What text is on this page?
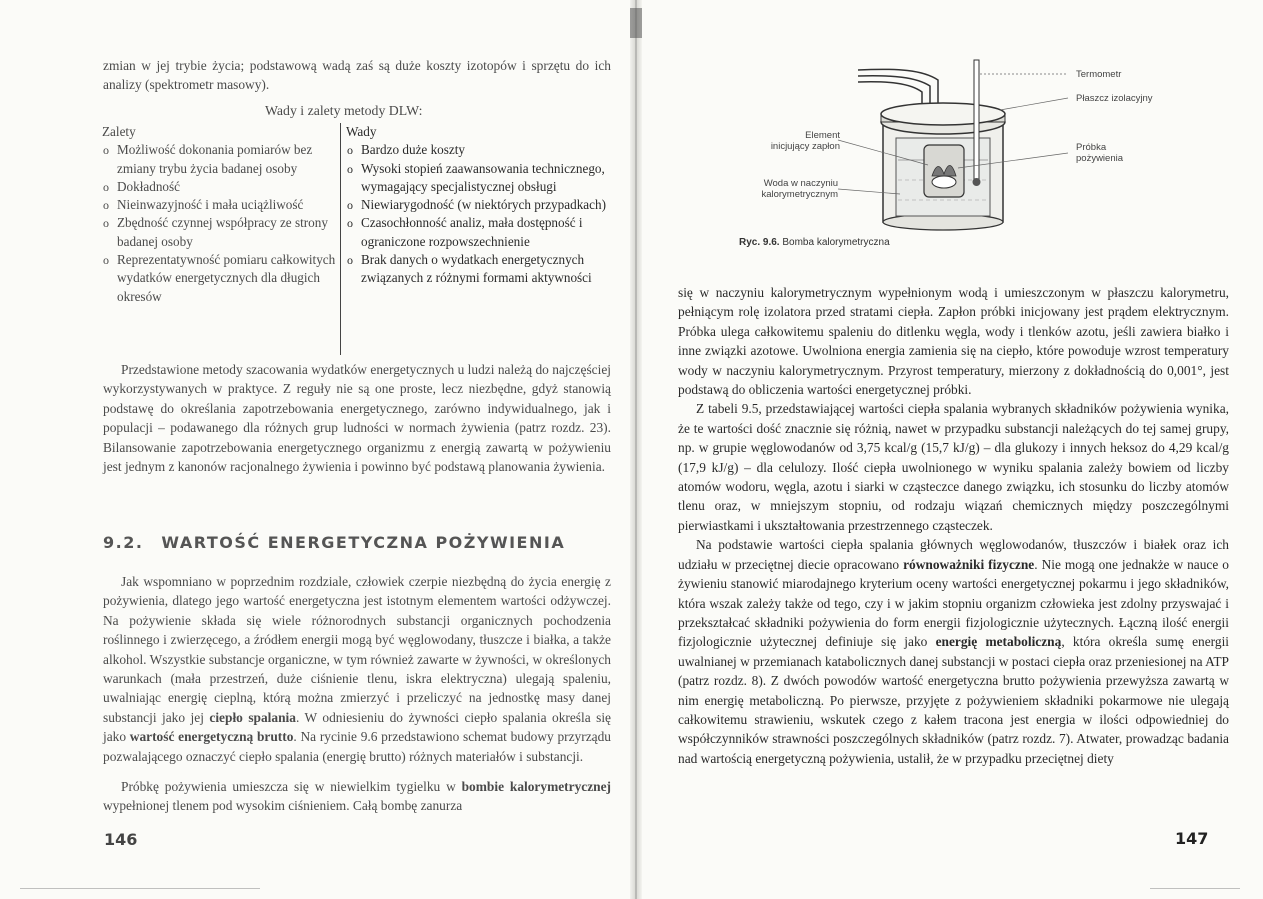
zmian w jej trybie życia; podstawową wadą zaś są duże koszty izotopów i sprzętu do ich analizy (spektrometr masowy).

Wady i zalety metody DLW:
Zalety
o Możliwość dokonania pomiarów bez zmiany trybu życia badanej osoby
o Dokładność
o Nieinwazyjność i mała uciążliwość
o Zbędność czynnej współpracy ze strony badanej osoby
o Reprezentatywność pomiaru całkowitych wydatków energetycznych dla długich okresów
Wady
o Bardzo duże koszty
o Wysoki stopień zaawansowania technicznego, wymagający specjalistycznej obsługi
o Niewiarygodność (w niektórych przypadkach)
o Czasochłonność analiz, mała dostępność i ograniczone rozpowszechnienie
o Brak danych o wydatkach energetycznych związanych z różnymi formami aktywności

Przedstawione metody szacowania wydatków energetycznych u ludzi należą do najczęściej wykorzystywanych w praktyce. Z reguły nie są one proste, lecz niezbędne, gdyż stanowią podstawę do określania zapotrzebowania energetycznego, zarówno indywidualnego, jak i populacji – podawanego dla różnych grup ludności w normach żywienia (patrz rozdz. 23). Bilansowanie zapotrzebowania energetycznego organizmu z energią zawartą w pożywieniu jest jednym z kanonów racjonalnego żywienia i powinno być podstawą planowania żywienia.

9.2. WARTOŚĆ ENERGETYCZNA POŻYWIENIA

Jak wspomniano w poprzednim rozdziale, człowiek czerpie niezbędną do życia energię z pożywienia, dlatego jego wartość energetyczna jest istotnym elementem wartości odżywczej. Na pożywienie składa się wiele różnorodnych substancji organicznych pochodzenia roślinnego i zwierzęcego, a źródłem energii mogą być węglowodany, tłuszcze i białka, a także alkohol. Wszystkie substancje organiczne, w tym również zawarte w żywności, w określonych warunkach (mała przestrzeń, duże ciśnienie tlenu, iskra elektryczna) ulegają spaleniu, uwalniając energię cieplną, którą można zmierzyć i przeliczyć na jednostkę masy danej substancji jako jej ciepło spalania. W odniesieniu do żywności ciepło spalania określa się jako wartość energetyczną brutto. Na rycinie 9.6 przedstawiono schemat budowy przyrządu pozwalającego oznaczyć ciepło spalania (energię brutto) różnych materiałów i substancji.

Próbkę pożywienia umieszcza się w niewielkim tygielku w bombie kalorymetrycznej wypełnionej tlenem pod wysokim ciśnieniem. Całą bombę zanurza

146
Termometr
Płaszcz izolacyjny
Element
inicjujący zapłon	Próbka
pożywienia
Woda w naczyniu
kalorymetrycznym
Ryc. 9.6. Bomba kalorymetryczna

się w naczyniu kalorymetrycznym wypełnionym wodą i umieszczonym w płaszczu kalorymetru, pełniącym rolę izolatora przed stratami ciepła. Zapłon próbki inicjowany jest prądem elektrycznym. Próbka ulega całkowitemu spaleniu do ditlenku węgla, wody i tlenków azotu, jeśli zawiera białko i inne związki azotowe. Uwolniona energia zamienia się na ciepło, które powoduje wzrost temperatury wody w naczyniu kalorymetrycznym. Przyrost temperatury, mierzony z dokładnością do 0,001°, jest podstawą do obliczenia wartości energetycznej próbki.

Z tabeli 9.5, przedstawiającej wartości ciepła spalania wybranych składników pożywienia wynika, że te wartości dość znacznie się różnią, nawet w przypadku substancji należących do tej samej grupy, np. w grupie węglowodanów od 3,75 kcal/g (15,7 kJ/g) – dla glukozy i innych heksoz do 4,29 kcal/g (17,9 kJ/g) – dla celulozy. Ilość ciepła uwolnionego w wyniku spalania zależy bowiem od liczby atomów wodoru, węgla, azotu i siarki w cząsteczce danego związku, ich stosunku do liczby atomów tlenu oraz, w mniejszym stopniu, od rodzaju wiązań chemicznych między poszczególnymi pierwiastkami i ukształtowania przestrzennego cząsteczek.

Na podstawie wartości ciepła spalania głównych węglowodanów, tłuszczów i białek oraz ich udziału w przeciętnej diecie opracowano równoważniki fizyczne. Nie mogą one jednakże w nauce o żywieniu stanowić miarodajnego kryterium oceny wartości energetycznej pokarmu i jego składników, która wszak zależy także od tego, czy i w jakim stopniu organizm człowieka jest zdolny przyswajać i przekształcać składniki pożywienia do form energii fizjologicznie użytecznych. Łączną ilość energii fizjologicznie użytecznej definiuje się jako energię metaboliczną, która określa sumę energii uwalnianej w przemianach katabolicznych danej substancji w postaci ciepła oraz przeniesionej na ATP (patrz rozdz. 8). Z dwóch powodów wartość energetyczna brutto pożywienia przewyższa zawartą w nim energię metaboliczną. Po pierwsze, przyjęte z pożywieniem składniki pokarmowe nie ulegają całkowitemu strawieniu, wskutek czego z kałem tracona jest energia w ilości odpowiedniej do współczynników strawności poszczególnych składników (patrz rozdz. 7). Atwater, prowadząc badania nad wartością energetyczną pożywienia, ustalił, że w przypadku przeciętnej diety

147
